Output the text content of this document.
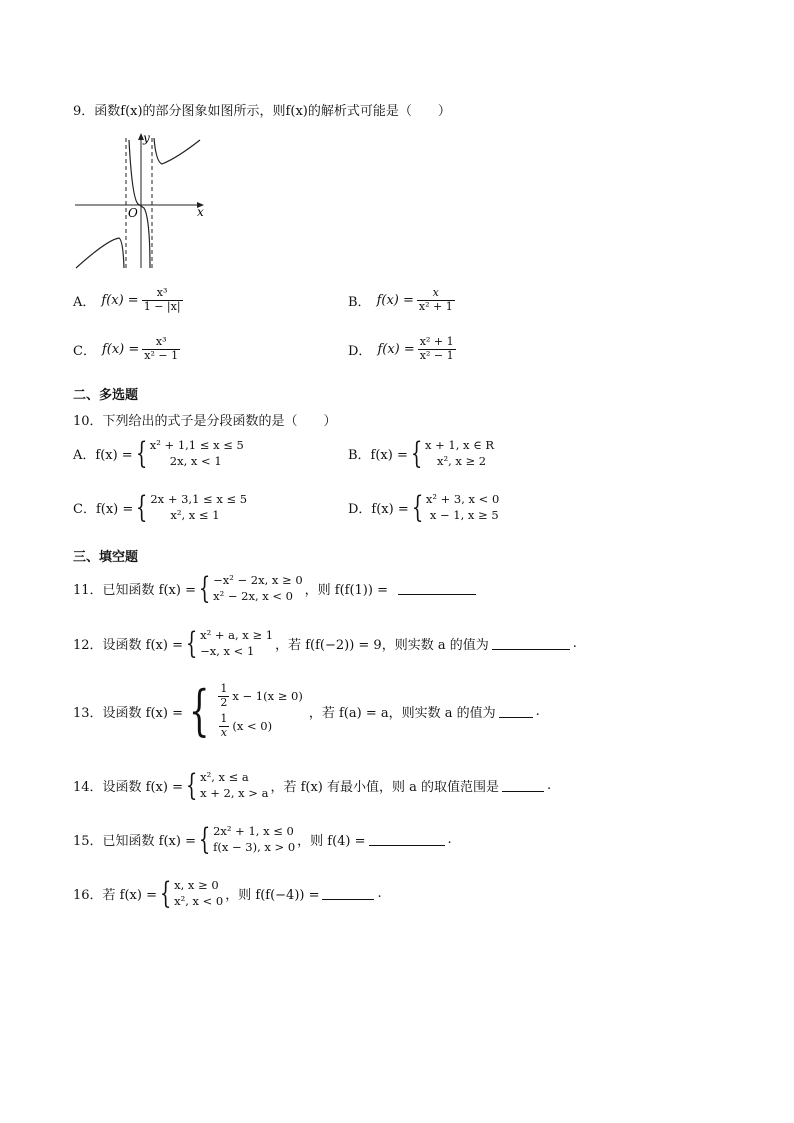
9．函数f(x)的部分图象如图所示，则f(x)的解析式可能是（　　）
y
x
O
A． $f(x) = \frac{\text{x³}}{1 - |x|}$	B． $f(x) = \frac{x}{\text{x² + 1}}$
C． $f(x) = \frac{\text{x³}}{\text{x² − 1}}$	D． $f(x) = \frac{\text{x² + 1}}{\text{x² − 1}}$
二、多选题
10．下列给出的式子是分段函数的是（　　）
A．f(x) = { x² + 1,1 ≤ x ≤ 5
2x, x < 1	B．f(x) = { x + 1, x ∈ R
x², x ≥ 2
C．f(x) = { 2x + 3,1 ≤ x ≤ 5
x², x ≤ 1	D．f(x) = { x² + 3, x < 0
x − 1, x ≥ 5
三、填空题
11．已知函数 f(x) = { −x² − 2x, x ≥ 0
x² − 2x, x < 0 ，则 f(f(1)) =
12．设函数 f(x) = { x² + a, x ≥ 1
−x, x < 1	，若 f(f(−2)) = 9，则实数 a 的值为	.
13．设函数 f(x) = { $\frac{1}{2}$ x − 1(x ≥ 0)
$\frac{1}{x} (x < 0)$
，若 f(a) = a，则实数 a 的值为	.
14．设函数 f(x) = { x², x ≤ a
x + 2, x > a ，若 f(x) 有最小值，则 a 的取值范围是	.
15．已知函数 f(x) = { 2x² + 1, x ≤ 0
f(x − 3), x > 0 ，则 f(4) =	.
16．若 f(x) = { x, x ≥ 0
x², x < 0 ，则 f(f(−4)) =	.
